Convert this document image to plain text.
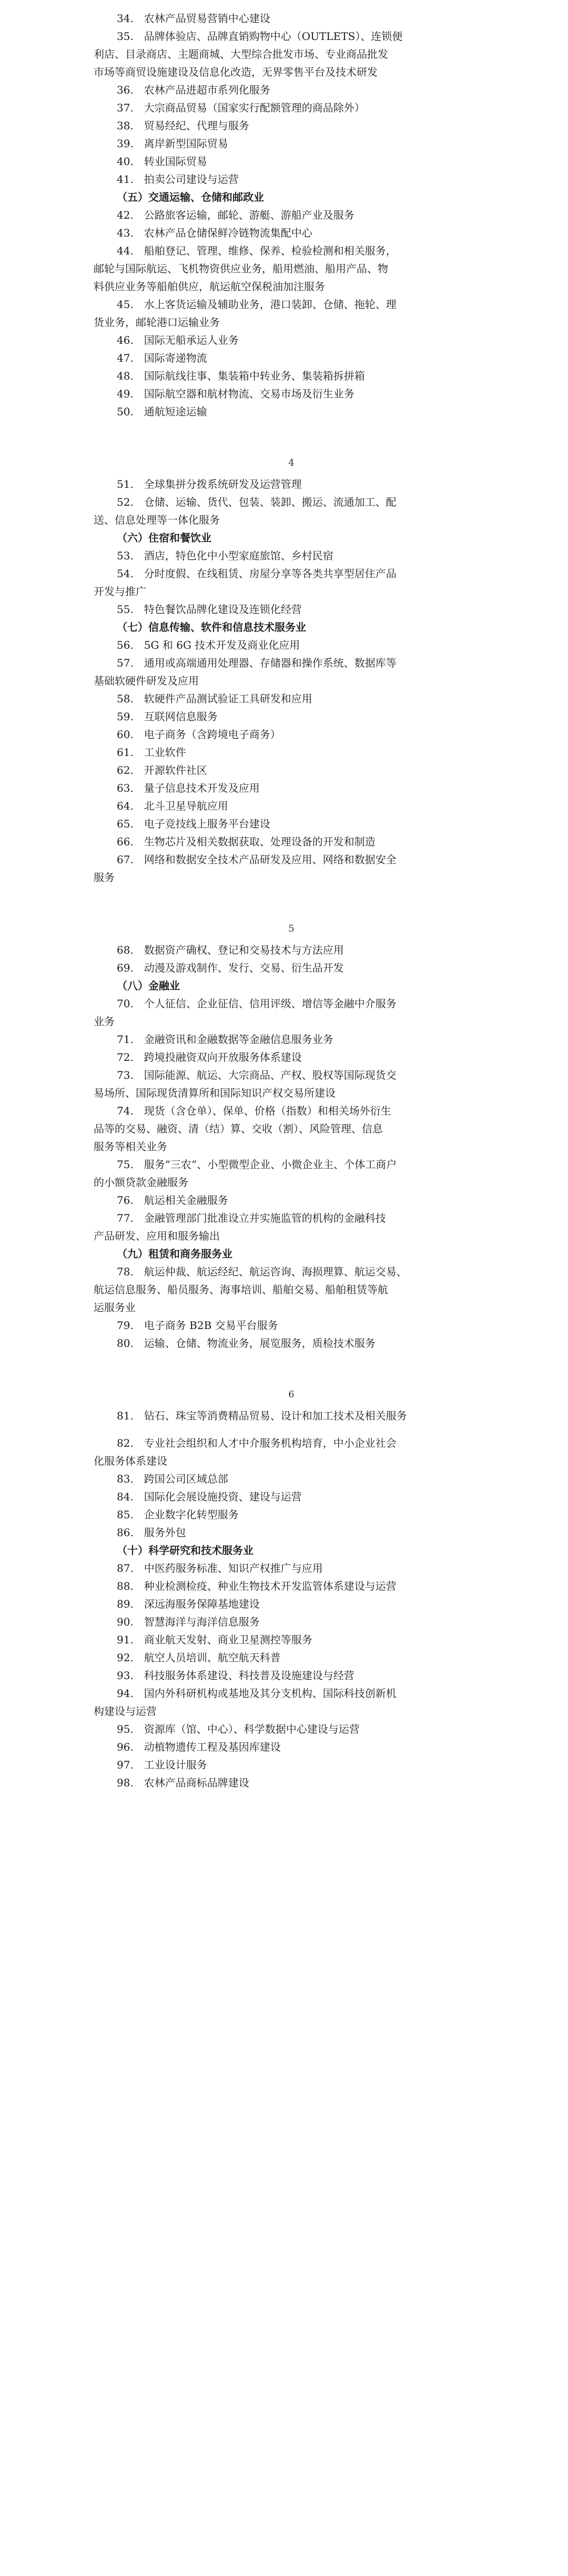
34.　农林产品贸易营销中心建设
35.　品牌体验店、品牌直销购物中心（OUTLETS）、连锁便
利店、目录商店、主题商城、大型综合批发市场、专业商品批发
市场等商贸设施建设及信息化改造，无界零售平台及技术研发
36.　农林产品进超市系列化服务
37.　大宗商品贸易（国家实行配额管理的商品除外）
38.　贸易经纪、代理与服务
39.　离岸新型国际贸易
40.　转业国际贸易
41.　拍卖公司建设与运营
（五）交通运输、仓储和邮政业
42.　公路旅客运输，邮轮、游艇、游船产业及服务
43.　农林产品仓储保鲜冷链物流集配中心
44.　船舶登记、管理、维修、保养、检验检测和相关服务，
邮轮与国际航运、飞机物资供应业务，船用燃油、船用产品、物
料供应业务等船舶供应，航运航空保税油加注服务
45.　水上客货运输及辅助业务，港口装卸、仓储、拖轮、理
货业务，邮轮港口运输业务
46.　国际无船承运人业务
47.　国际寄递物流
48.　国际航线往事、集装箱中转业务、集装箱拆拼箱
49.　国际航空器和航材物流、交易市场及衍生业务
50.　通航短途运输
4
51.　全球集拼分拨系统研发及运营管理
52.　仓储、运输、货代、包装、装卸、搬运、流通加工、配
送、信息处理等一体化服务
（六）住宿和餐饮业
53.　酒店，特色化中小型家庭旅馆、乡村民宿
54.　分时度假、在线租赁、房屋分享等各类共享型居住产品
开发与推广
55.　特色餐饮品牌化建设及连锁化经营
（七）信息传输、软件和信息技术服务业
56.　5G 和 6G 技术开发及商业化应用
57.　通用或高端通用处理器、存储器和操作系统、数据库等
基础软硬件研发及应用
58.　软硬件产品测试验证工具研发和应用
59.　互联网信息服务
60.　电子商务（含跨境电子商务）
61.　工业软件
62.　开源软件社区
63.　量子信息技术开发及应用
64.　北斗卫星导航应用
65.　电子竞技线上服务平台建设
66.　生物芯片及相关数据获取、处理设备的开发和制造
67.　网络和数据安全技术产品研发及应用、网络和数据安全
服务
5
68.　数据资产确权、登记和交易技术与方法应用
69.　动漫及游戏制作、发行、交易、衍生品开发
（八）金融业
70.　个人征信、企业征信、信用评级、增信等金融中介服务
业务
71.　金融资讯和金融数据等金融信息服务业务
72.　跨境投融资双向开放服务体系建设
73.　国际能源、航运、大宗商品、产权、股权等国际现货交
易场所、国际现货清算所和国际知识产权交易所建设
74.　现货（含仓单）、保单、价格（指数）和相关场外衍生
品等的交易、融资、清（结）算、交收（割）、风险管理、信息
服务等相关业务
75.　服务“三农”、小型微型企业、小微企业主、个体工商户
的小额贷款金融服务
76.　航运相关金融服务
77.　金融管理部门批准设立并实施监管的机构的金融科技
产品研发、应用和服务输出
（九）租赁和商务服务业
78.　航运仲裁、航运经纪、航运咨询、海损理算、航运交易、
航运信息服务、船员服务、海事培训、船舶交易、船舶租赁等航
运服务业
79.　电子商务 B2B 交易平台服务
80.　运输、仓储、物流业务，展览服务，质检技术服务
6
81.　钻石、珠宝等消费精品贸易、设计和加工技术及相关服务
82.　专业社会组织和人才中介服务机构培育，中小企业社会
化服务体系建设
83.　跨国公司区域总部
84.　国际化会展设施投资、建设与运营
85.　企业数字化转型服务
86.　服务外包
（十）科学研究和技术服务业
87.　中医药服务标准、知识产权推广与应用
88.　种业检测检疫、种业生物技术开发监管体系建设与运营
89.　深远海服务保障基地建设
90.　智慧海洋与海洋信息服务
91.　商业航天发射、商业卫星测控等服务
92.　航空人员培训、航空航天科普
93.　科技服务体系建设、科技普及设施建设与经营
94.　国内外科研机构或基地及其分支机构、国际科技创新机
构建设与运营
95.　资源库（馆、中心）、科学数据中心建设与运营
96.　动植物遗传工程及基因库建设
97.　工业设计服务
98.　农林产品商标品牌建设
